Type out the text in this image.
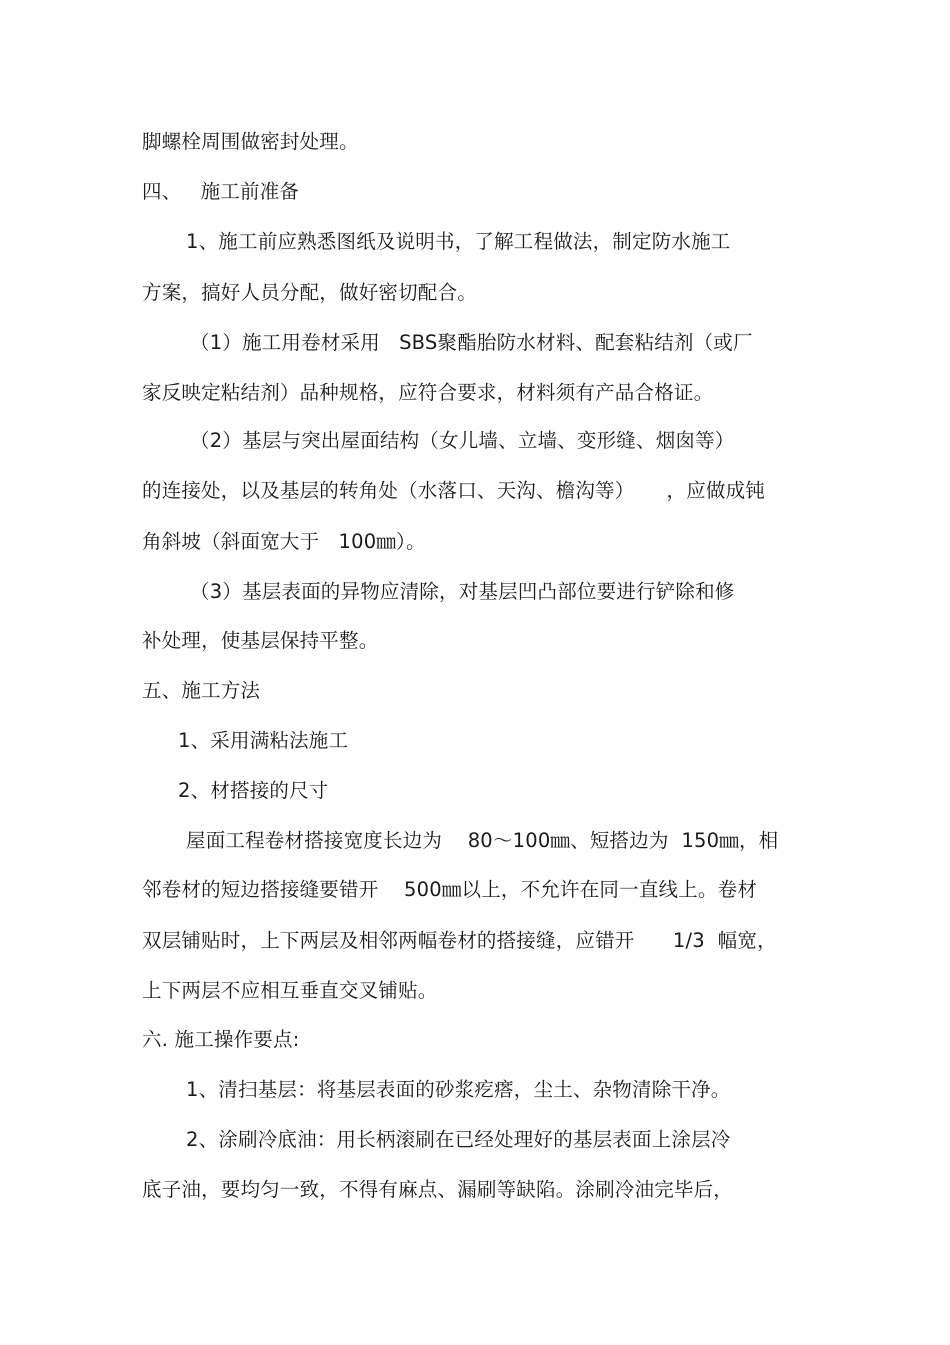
脚螺栓周围做密封处理。
四、   施工前准备
1、施工前应熟悉图纸及说明书，了解工程做法，制定防水施工
方案，搞好人员分配，做好密切配合。
（1）施工用卷材采用   SBS聚酯胎防水材料、配套粘结剂（或厂
家反映定粘结剂）品种规格，应符合要求，材料须有产品合格证。
（2）基层与突出屋面结构（女儿墙、立墙、变形缝、烟囱等）
的连接处，以及基层的转角处（水落口、天沟、檐沟等）     ，应做成钝
角斜坡（斜面宽大于   100㎜）。
（3）基层表面的异物应清除，对基层凹凸部位要进行铲除和修
补处理，使基层保持平整。
五、施工方法
1、采用满粘法施工
2、材搭接的尺寸
屋面工程卷材搭接宽度长边为    80～100㎜、短搭边为  150㎜，相
邻卷材的短边搭接缝要错开    500㎜以上，不允许在同一直线上。卷材
双层铺贴时，上下两层及相邻两幅卷材的搭接缝，应错开      1/3  幅宽，
上下两层不应相互垂直交叉铺贴。
六. 施工操作要点:
1、清扫基层：将基层表面的砂浆疙瘩，尘土、杂物清除干净。
2、涂刷冷底油：用长柄滚刷在已经处理好的基层表面上涂层冷
底子油，要均匀一致，不得有麻点、漏刷等缺陷。涂刷冷油完毕后，
